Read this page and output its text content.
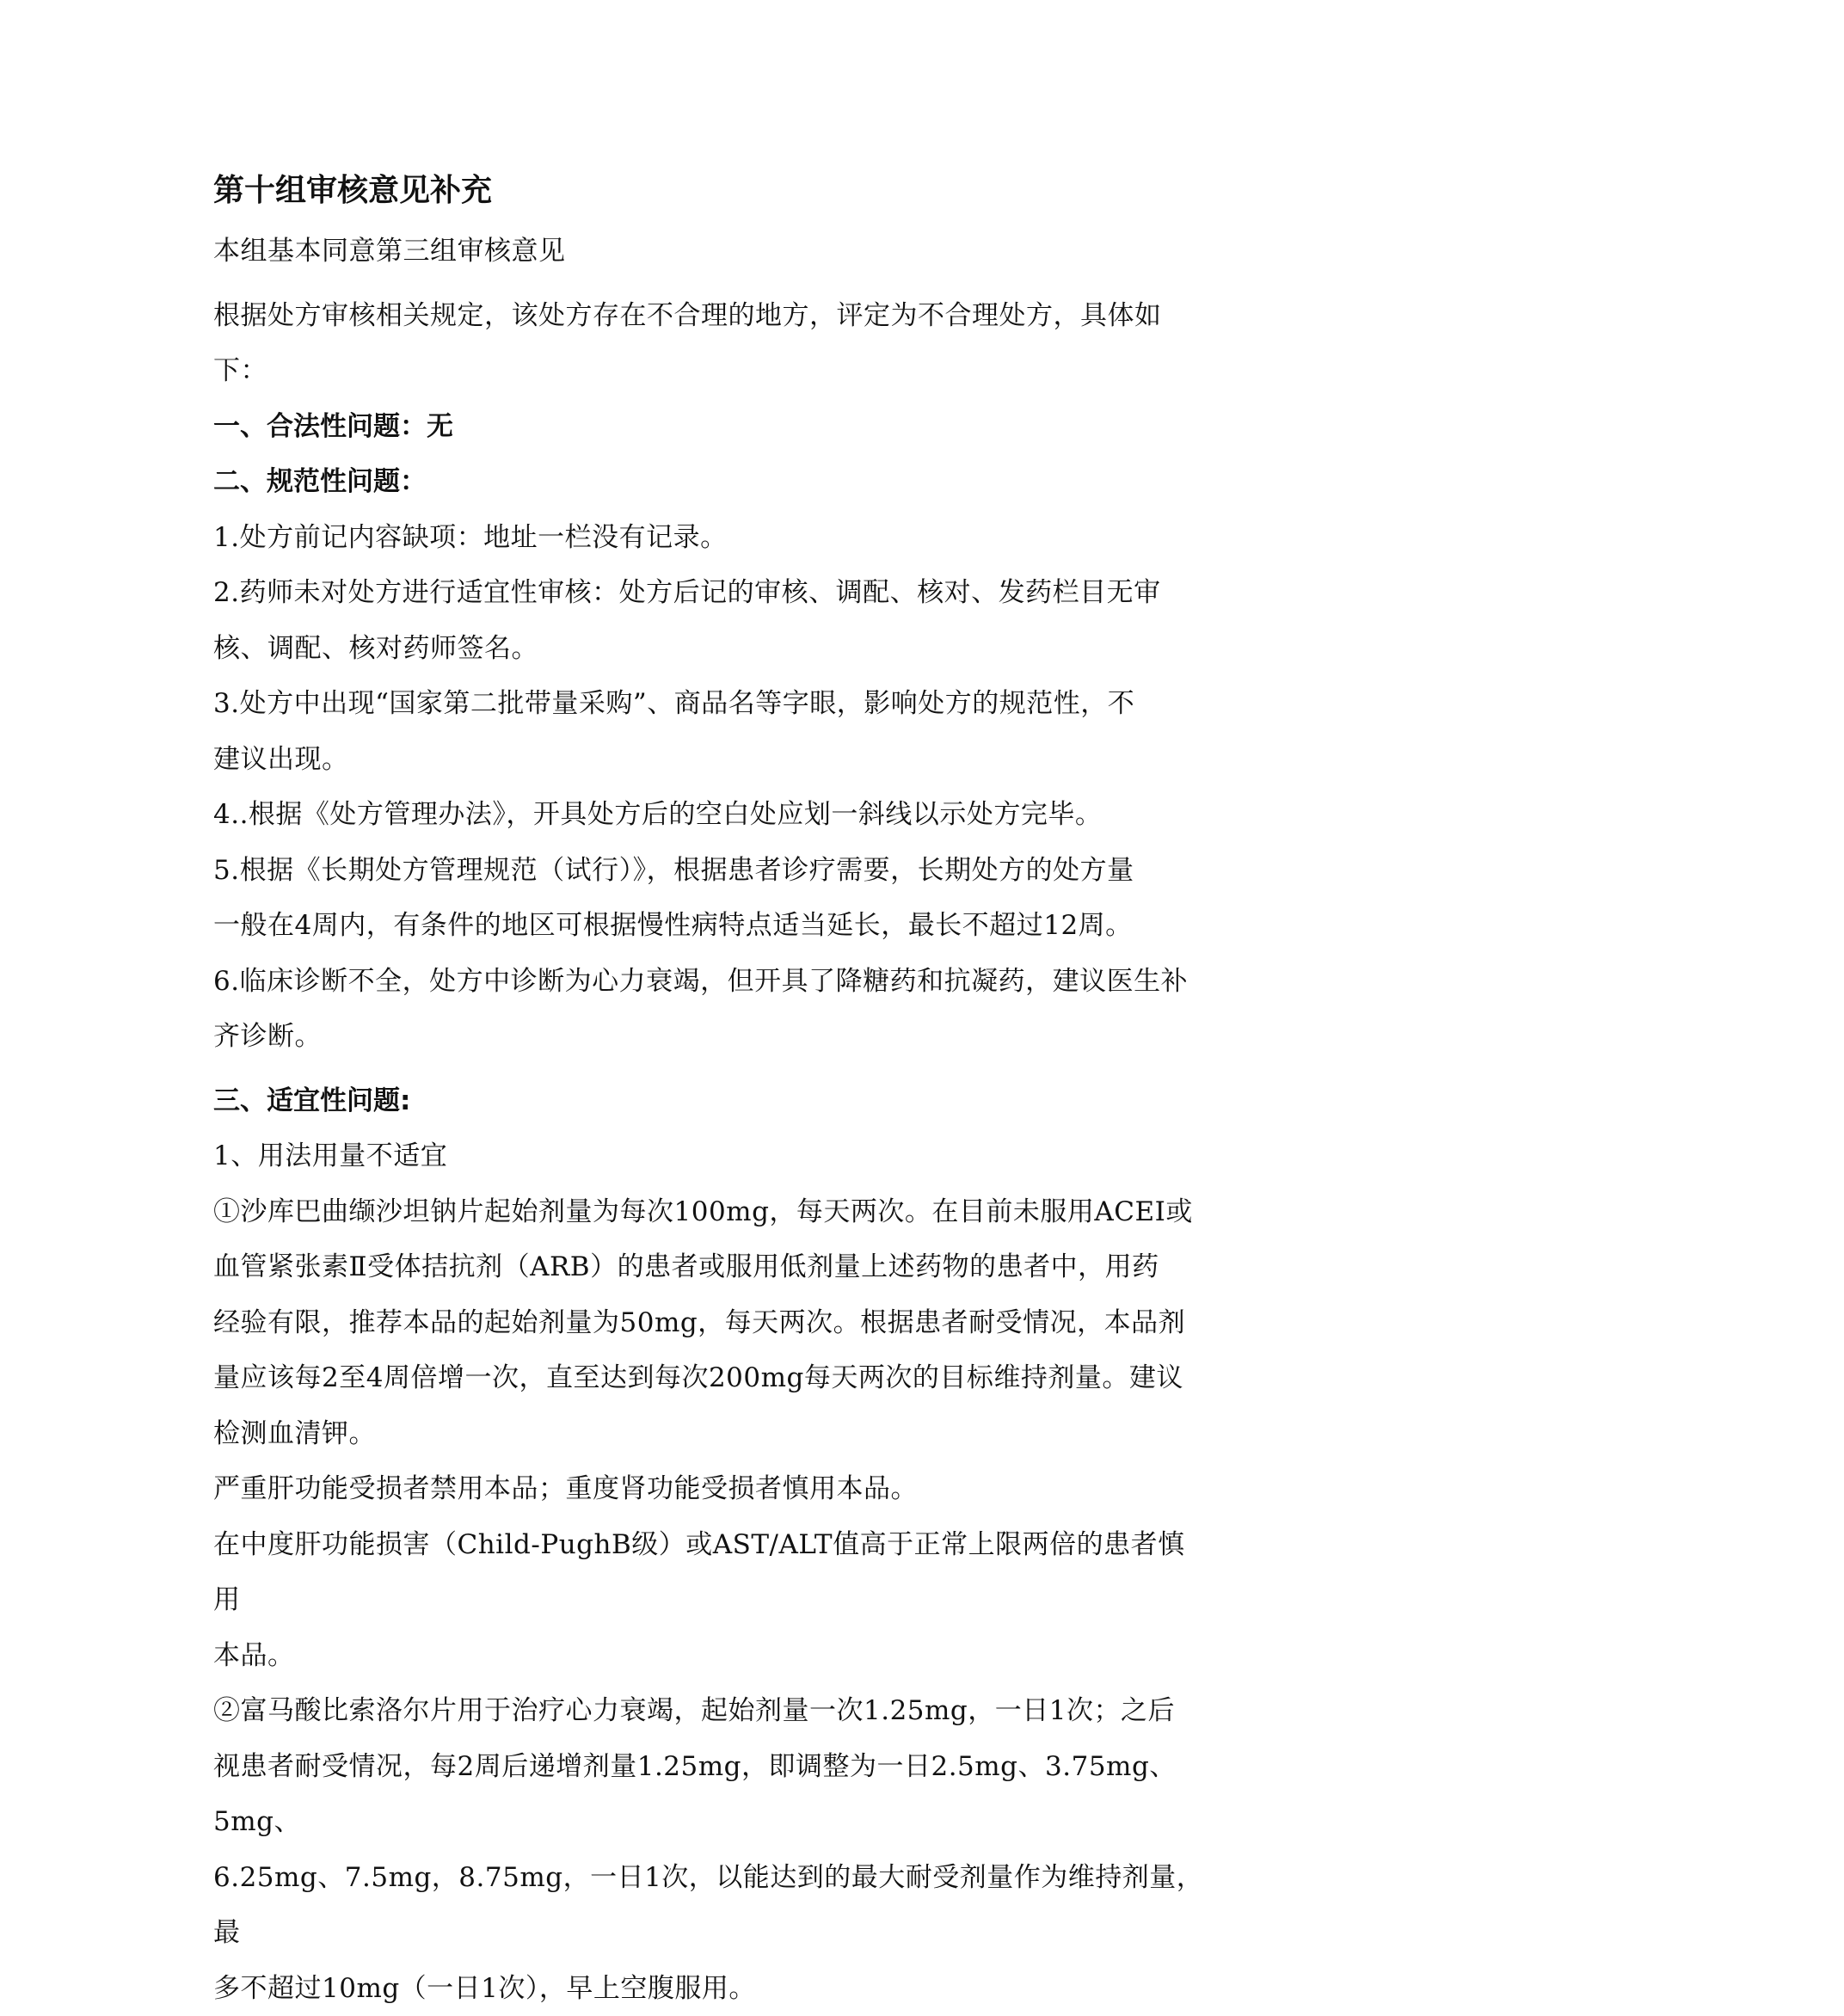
第十组审核意见补充

本组基本同意第三组审核意见

根据处方审核相关规定，该处方存在不合理的地方，评定为不合理处方，具体如

下：

一、合法性问题：无

二、规范性问题：

1.处方前记内容缺项：地址一栏没有记录。

2.药师未对处方进行适宜性审核：处方后记的审核、调配、核对、发药栏目无审

核、调配、核对药师签名。

3.处方中出现“国家第二批带量采购”、商品名等字眼，影响处方的规范性，不

建议出现。

4..根据《处方管理办法》，开具处方后的空白处应划一斜线以示处方完毕。

5.根据《长期处方管理规范（试行）》，根据患者诊疗需要，长期处方的处方量

一般在4周内，有条件的地区可根据慢性病特点适当延长，最长不超过12周。

6.临床诊断不全，处方中诊断为心力衰竭，但开具了降糖药和抗凝药，建议医生补

齐诊断。

三、适宜性问题:

1、用法用量不适宜

①沙库巴曲缬沙坦钠片起始剂量为每次100mg，每天两次。在目前未服用ACEI或

血管紧张素Ⅱ受体拮抗剂（ARB）的患者或服用低剂量上述药物的患者中，用药

经验有限，推荐本品的起始剂量为50mg，每天两次。根据患者耐受情况，本品剂

量应该每2至4周倍增一次，直至达到每次200mg每天两次的目标维持剂量。建议

检测血清钾。

严重肝功能受损者禁用本品；重度肾功能受损者慎用本品。

在中度肝功能损害（Child-PughB级）或AST/ALT值高于正常上限两倍的患者慎用

本品。

②富马酸比索洛尔片用于治疗心力衰竭，起始剂量一次1.25mg，一日1次；之后

视患者耐受情况，每2周后递增剂量1.25mg，即调整为一日2.5mg、3.75mg、5mg、

6.25mg、7.5mg，8.75mg，一日1次，以能达到的最大耐受剂量作为维持剂量，最

多不超过10mg（一日1次），早上空腹服用。
